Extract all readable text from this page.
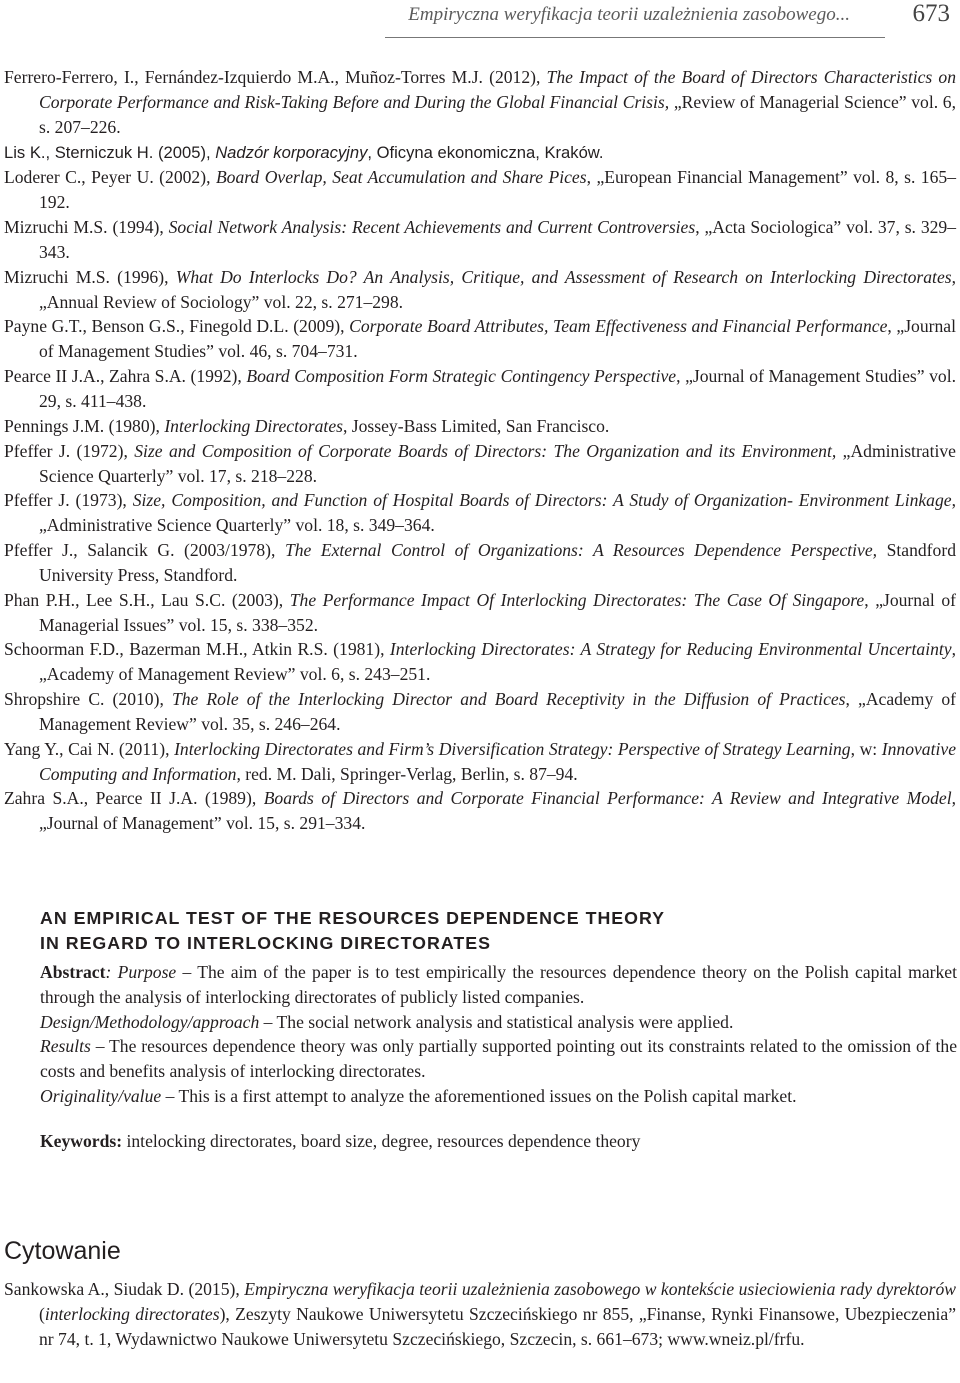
Empiryczna weryfikacja teorii uzależnienia zasobowego...	673
Ferrero-Ferrero, I., Fernández-Izquierdo M.A., Muñoz-Torres M.J. (2012), The Impact of the Board of Directors Characteristics on Corporate Performance and Risk-Taking Before and During the Global Financial Crisis, „Review of Managerial Science” vol. 6, s. 207–226.
Lis K., Sterniczuk H. (2005), Nadzór korporacyjny, Oficyna ekonomiczna, Kraków.
Loderer C., Peyer U. (2002), Board Overlap, Seat Accumulation and Share Pices, „European Financial Management” vol. 8, s. 165–192.
Mizruchi M.S. (1994), Social Network Analysis: Recent Achievements and Current Controversies, „Acta Sociologica” vol. 37, s. 329–343.
Mizruchi M.S. (1996), What Do Interlocks Do? An Analysis, Critique, and Assessment of Research on Interlocking Directorates, „Annual Review of Sociology” vol. 22, s. 271–298.
Payne G.T., Benson G.S., Finegold D.L. (2009), Corporate Board Attributes, Team Effectiveness and Financial Performance, „Journal of Management Studies” vol. 46, s. 704–731.
Pearce II J.A., Zahra S.A. (1992), Board Composition Form Strategic Contingency Perspective, „Journal of Management Studies” vol. 29, s. 411–438.
Pennings J.M. (1980), Interlocking Directorates, Jossey-Bass Limited, San Francisco.
Pfeffer J. (1972), Size and Composition of Corporate Boards of Directors: The Organization and its Environment, „Administrative Science Quarterly” vol. 17, s. 218–228.
Pfeffer J. (1973), Size, Composition, and Function of Hospital Boards of Directors: A Study of Organization- Environment Linkage, „Administrative Science Quarterly” vol. 18, s. 349–364.
Pfeffer J., Salancik G. (2003/1978), The External Control of Organizations: A Resources Dependence Perspective, Standford University Press, Standford.
Phan P.H., Lee S.H., Lau S.C. (2003), The Performance Impact Of Interlocking Directorates: The Case Of Singapore, „Journal of Managerial Issues” vol. 15, s. 338–352.
Schoorman F.D., Bazerman M.H., Atkin R.S. (1981), Interlocking Directorates: A Strategy for Reducing Environmental Uncertainty, „Academy of Management Review” vol. 6, s. 243–251.
Shropshire C. (2010), The Role of the Interlocking Director and Board Receptivity in the Diffusion of Practices, „Academy of Management Review” vol. 35, s. 246–264.
Yang Y., Cai N. (2011), Interlocking Directorates and Firm’s Diversification Strategy: Perspective of Strategy Learning, w: Innovative Computing and Information, red. M. Dali, Springer-Verlag, Berlin, s. 87–94.
Zahra S.A., Pearce II J.A. (1989), Boards of Directors and Corporate Financial Performance: A Review and Integrative Model, „Journal of Management” vol. 15, s. 291–334.
AN EMPIRICAL TEST OF THE RESOURCES DEPENDENCE THEORY
IN REGARD TO INTERLOCKING DIRECTORATES

Abstract: Purpose – The aim of the paper is to test empirically the resources dependence theory on the Polish capital market through the analysis of interlocking directorates of publicly listed companies.

Design/Methodology/approach – The social network analysis and statistical analysis were applied.

Results – The resources dependence theory was only partially supported pointing out its constraints related to the omission of the costs and benefits analysis of interlocking directorates.

Originality/value – This is a first attempt to analyze the aforementioned issues on the Polish capital market.

Keywords: intelocking directorates, board size, degree, resources dependence theory

Cytowanie
Sankowska A., Siudak D. (2015), Empiryczna weryfikacja teorii uzależnienia zasobowego w kontekście usieciowienia rady dyrektorów (interlocking directorates), Zeszyty Naukowe Uniwersytetu Szczecińskiego nr 855, „Finanse, Rynki Finansowe, Ubezpieczenia” nr 74, t. 1, Wydawnictwo Naukowe Uniwersytetu Szczecińskiego, Szczecin, s. 661–673; www.wneiz.pl/frfu.
